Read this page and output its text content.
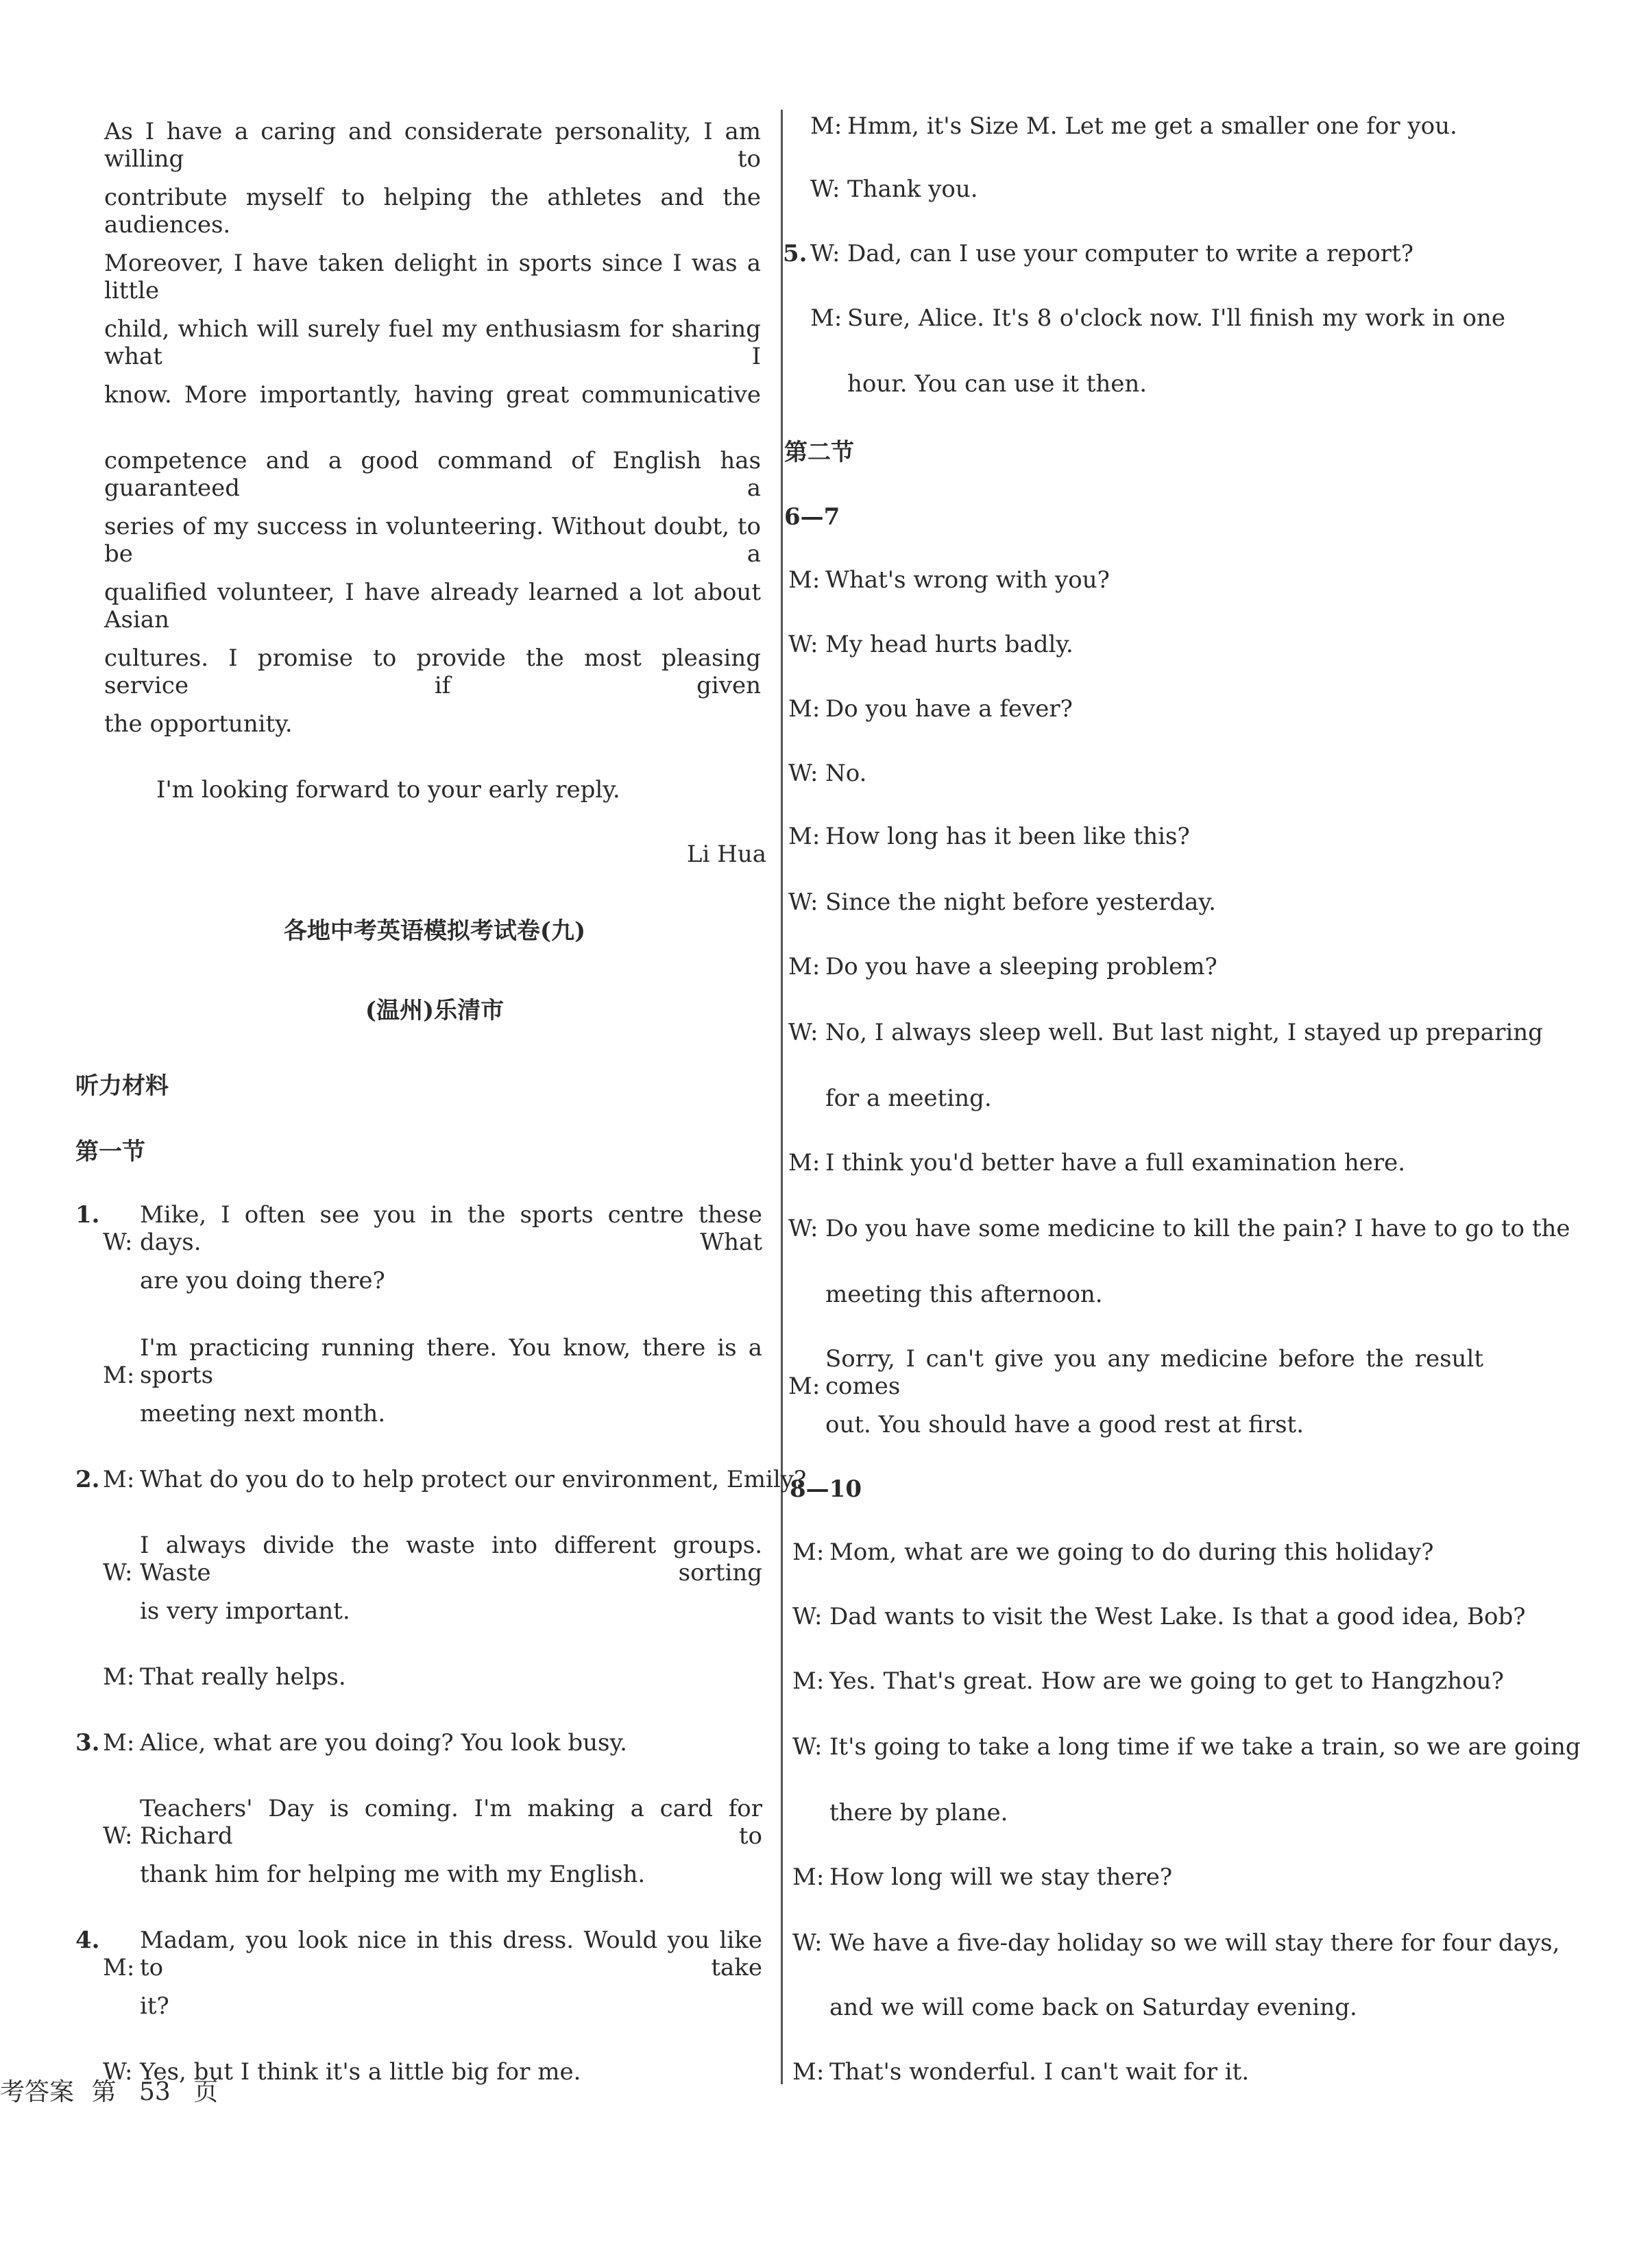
As I have a caring and considerate personality, I am willing to
contribute myself to helping the athletes and the audiences.
Moreover, I have taken delight in sports since I was a little
child, which will surely fuel my enthusiasm for sharing what I
know. More importantly, having great communicative
competence and a good command of English has guaranteed a
series of my success in volunteering. Without doubt, to be a
qualified volunteer, I have already learned a lot about Asian
cultures. I promise to provide the most pleasing service if given
the opportunity.
I'm looking forward to your early reply.
Li Hua
各地中考英语模拟考试卷(九)
(温州)乐清市
听力材料
第一节
1.
W:Mike, I often see you in the sports centre these days. What
are you doing there?
M:I'm practicing running there. You know, there is a sports
meeting next month.
2. M: What do you do to help protect our environment, Emily?
W:I always divide the waste into different groups. Waste sorting
is very important.
M: That really helps.
3. M: Alice, what are you doing? You look busy.
W:Teachers' Day is coming. I'm making a card for Richard to
thank him for helping me with my English.
4.
M:Madam, you look nice in this dress. Would you like to take
it?
W: Yes, but I think it's a little big for me.
M: Hmm, it's Size M. Let me get a smaller one for you.
W: Thank you.
5. W: Dad, can I use your computer to write a report?
M: Sure, Alice. It's 8 o'clock now. I'll finish my work in one
hour. You can use it then.
第二节
6—7
M: What's wrong with you?
W: My head hurts badly.
M: Do you have a fever?
W: No.
M: How long has it been like this?
W: Since the night before yesterday.
M: Do you have a sleeping problem?
W: No, I always sleep well. But last night, I stayed up preparing
for a meeting.
M: I think you'd better have a full examination here.
W: Do you have some medicine to kill the pain? I have to go to the
meeting this afternoon.
M:Sorry, I can't give you any medicine before the result comes
out. You should have a good rest at first.
8—10
M: Mom, what are we going to do during this holiday?
W: Dad wants to visit the West Lake. Is that a good idea, Bob?
M: Yes. That's great. How are we going to get to Hangzhou?
W: It's going to take a long time if we take a train, so we are going
there by plane.
M: How long will we stay there?
W: We have a five-day holiday so we will stay there for four days,
and we will come back on Saturday evening.
M: That's wonderful. I can't wait for it.
考答案 第 53 页
